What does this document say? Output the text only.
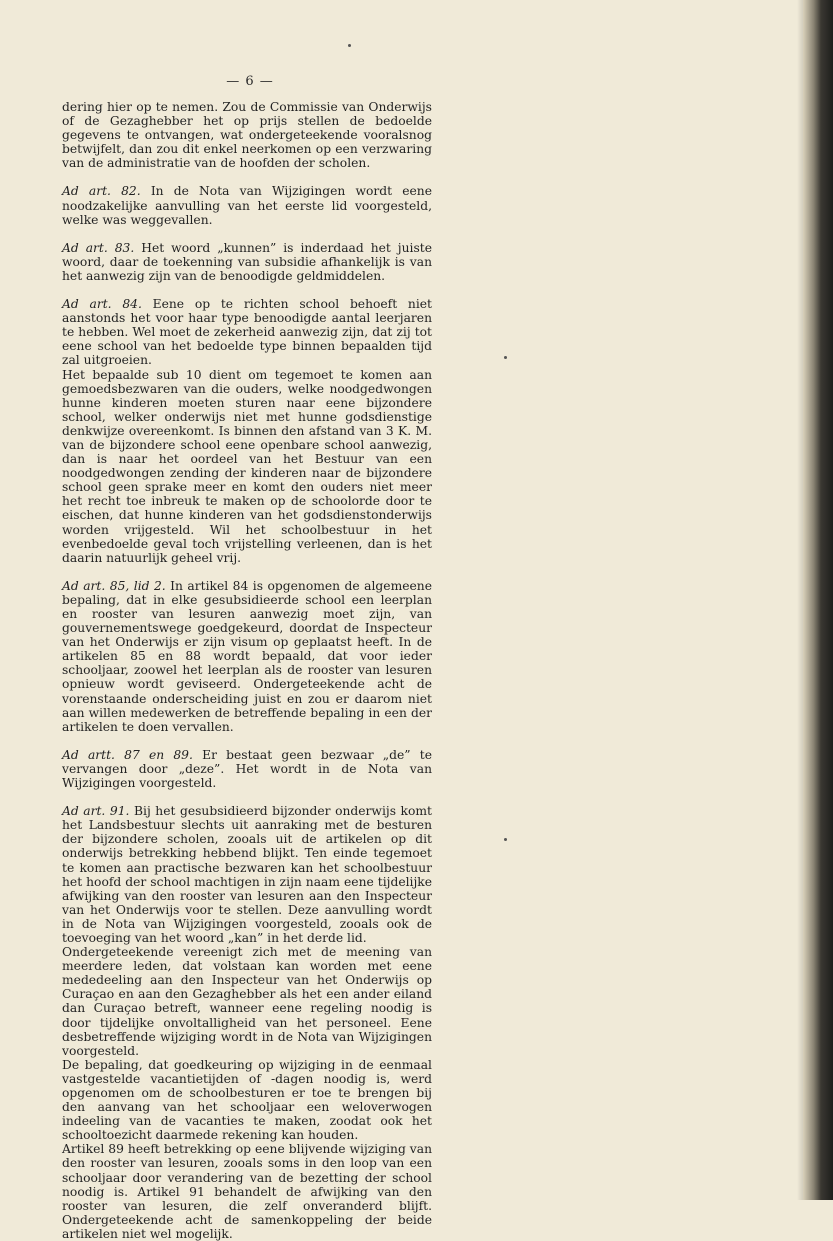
— 6 —

dering hier op te nemen. Zou de Commissie van Onderwijs of de Gezaghebber het op prijs stellen de bedoelde gegevens te ontvangen, wat ondergeteekende vooralsnog betwijfelt, dan zou dit enkel neerkomen op een verzwaring van de administratie van de hoofden der scholen.

Ad art. 82. In de Nota van Wijzigingen wordt eene noodzakelijke aanvulling van het eerste lid voorgesteld, welke was weggevallen.

Ad art. 83. Het woord „kunnen” is inderdaad het juiste woord, daar de toekenning van subsidie afhankelijk is van het aanwezig zijn van de benoodigde geldmiddelen.

Ad art. 84. Eene op te richten school behoeft niet aanstonds het voor haar type benoodigde aantal leerjaren te hebben. Wel moet de zekerheid aanwezig zijn, dat zij tot eene school van het bedoelde type binnen bepaalden tijd zal uitgroeien.

Het bepaalde sub 10 dient om tegemoet te komen aan gemoedsbezwaren van die ouders, welke noodgedwongen hunne kinderen moeten sturen naar eene bijzondere school, welker onderwijs niet met hunne godsdienstige denkwijze overeenkomt. Is binnen den afstand van 3 K. M. van de bijzondere school eene openbare school aanwezig, dan is naar het oordeel van het Bestuur van een noodgedwongen zending der kinderen naar de bijzondere school geen sprake meer en komt den ouders niet meer het recht toe inbreuk te maken op de schoolorde door te eischen, dat hunne kinderen van het godsdienstonderwijs worden vrijgesteld. Wil het schoolbestuur in het evenbedoelde geval toch vrijstelling verleenen, dan is het daarin natuurlijk geheel vrij.

Ad art. 85, lid 2. In artikel 84 is opgenomen de algemeene bepaling, dat in elke gesubsidieerde school een leerplan en rooster van lesuren aanwezig moet zijn, van gouvernementswege goedgekeurd, doordat de Inspecteur van het Onderwijs er zijn visum op geplaatst heeft. In de artikelen 85 en 88 wordt bepaald, dat voor ieder schooljaar, zoowel het leerplan als de rooster van lesuren opnieuw wordt geviseerd. Ondergeteekende acht de vorenstaande onderscheiding juist en zou er daarom niet aan willen medewerken de betreffende bepaling in een der artikelen te doen vervallen.

Ad artt. 87 en 89. Er bestaat geen bezwaar „de” te vervangen door „deze”. Het wordt in de Nota van Wijzigingen voorgesteld.

Ad art. 91. Bij het gesubsidieerd bijzonder onderwijs komt het Landsbestuur slechts uit aanraking met de besturen der bijzondere scholen, zooals uit de artikelen op dit onderwijs betrekking hebbend blijkt. Ten einde tegemoet te komen aan practische bezwaren kan het schoolbestuur het hoofd der school machtigen in zijn naam eene tijdelijke afwijking van den rooster van lesuren aan den Inspecteur van het Onderwijs voor te stellen. Deze aanvulling wordt in de Nota van Wijzigingen voorgesteld, zooals ook de toevoeging van het woord „kan” in het derde lid.

Ondergeteekende vereenigt zich met de meening van meerdere leden, dat volstaan kan worden met eene mededeeling aan den Inspecteur van het Onderwijs op Curaçao en aan den Gezaghebber als het een ander eiland dan Curaçao betreft, wanneer eene regeling noodig is door tijdelijke onvoltalligheid van het personeel. Eene desbetreffende wijziging wordt in de Nota van Wijzigingen voorgesteld.

De bepaling, dat goedkeuring op wijziging in de eenmaal vastgestelde vacantietijden of -dagen noodig is, werd opgenomen om de schoolbesturen er toe te brengen bij den aanvang van het schooljaar een weloverwogen indeeling van de vacanties te maken, zoodat ook het schooltoezicht daarmede rekening kan houden.

Artikel 89 heeft betrekking op eene blijvende wijziging van den rooster van lesuren, zooals soms in den loop van een schooljaar door verandering van de bezetting der school noodig is. Artikel 91 behandelt de afwijking van den rooster van lesuren, die zelf onveranderd blijft. Ondergeteekende acht de samenkoppeling der beide artikelen niet wel mogelijk.
